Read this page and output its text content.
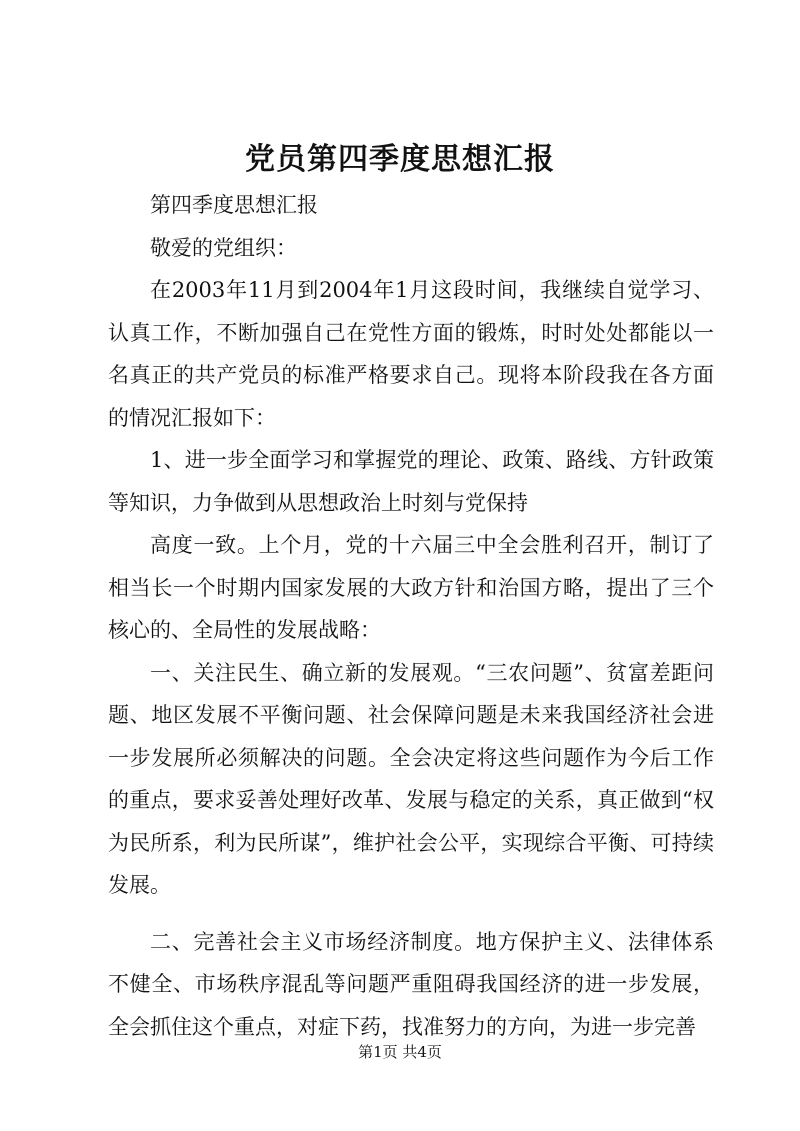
党员第四季度思想汇报

第四季度思想汇报

敬爱的党组织：

在2003年11月到2004年1月这段时间，我继续自觉学习、认真工作，不断加强自己在党性方面的锻炼，时时处处都能以一名真正的共产党员的标准严格要求自己。现将本阶段我在各方面的情况汇报如下：

1、进一步全面学习和掌握党的理论、政策、路线、方针政策等知识，力争做到从思想政治上时刻与党保持

高度一致。上个月，党的十六届三中全会胜利召开，制订了相当长一个时期内国家发展的大政方针和治国方略，提出了三个核心的、全局性的发展战略：

一、关注民生、确立新的发展观。“三农问题”、贫富差距问题、地区发展不平衡问题、社会保障问题是未来我国经济社会进一步发展所必须解决的问题。全会决定将这些问题作为今后工作的重点，要求妥善处理好改革、发展与稳定的关系，真正做到“权为民所系，利为民所谋”，维护社会公平，实现综合平衡、可持续发展。

二、完善社会主义市场经济制度。地方保护主义、法律体系不健全、市场秩序混乱等问题严重阻碍我国经济的进一步发展，全会抓住这个重点，对症下药，找准努力的方向，为进一步完善

第1页 共4页
